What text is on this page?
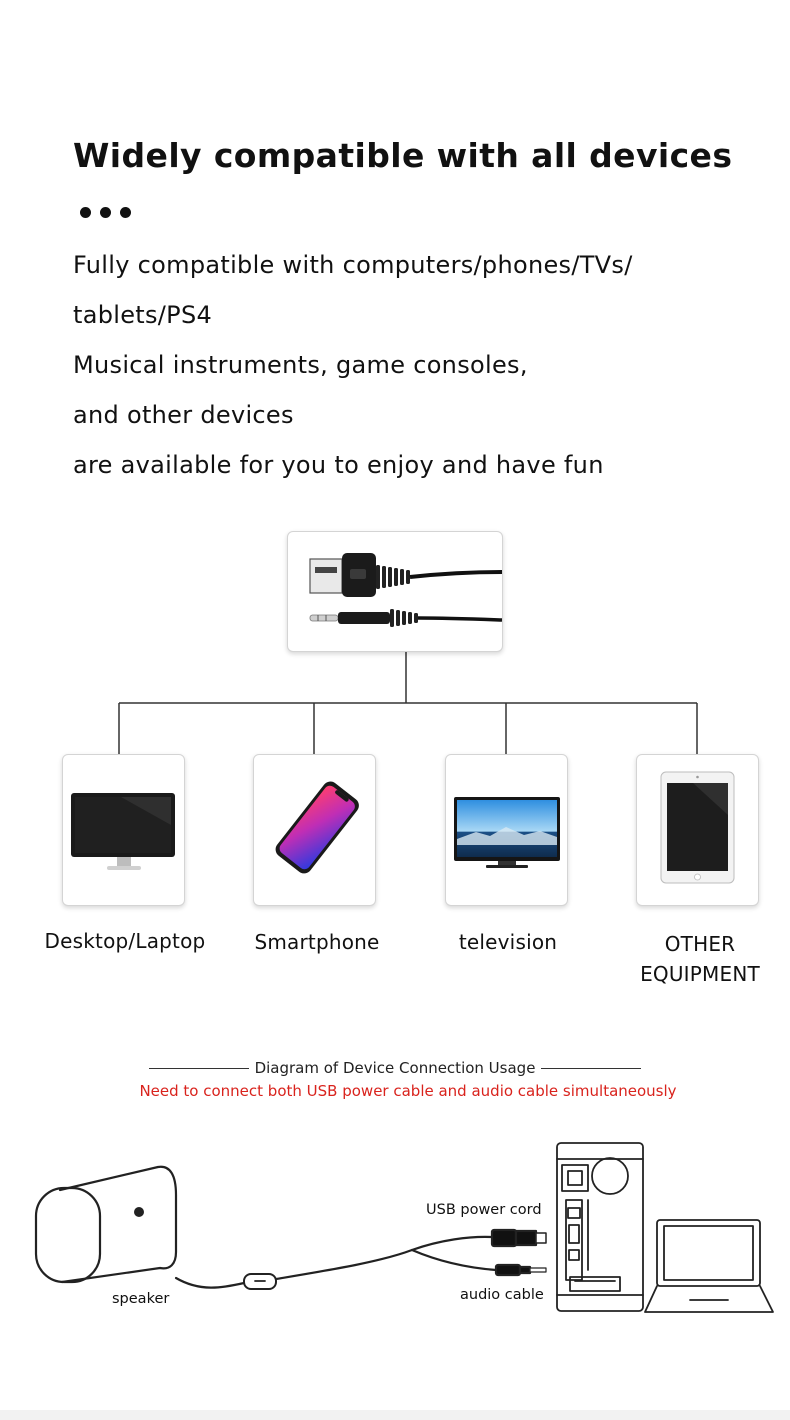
Widely compatible with all devices
Fully compatible with computers/phones/TVs/
tablets/PS4
Musical instruments, game consoles,
and other devices
are available for you to enjoy and have fun
Desktop/Laptop	Smartphone	television	OTHER
EQUIPMENT
Diagram of Device Connection Usage
Need to connect both USB power cable and audio cable simultaneously
speaker
USB power cord
audio cable
